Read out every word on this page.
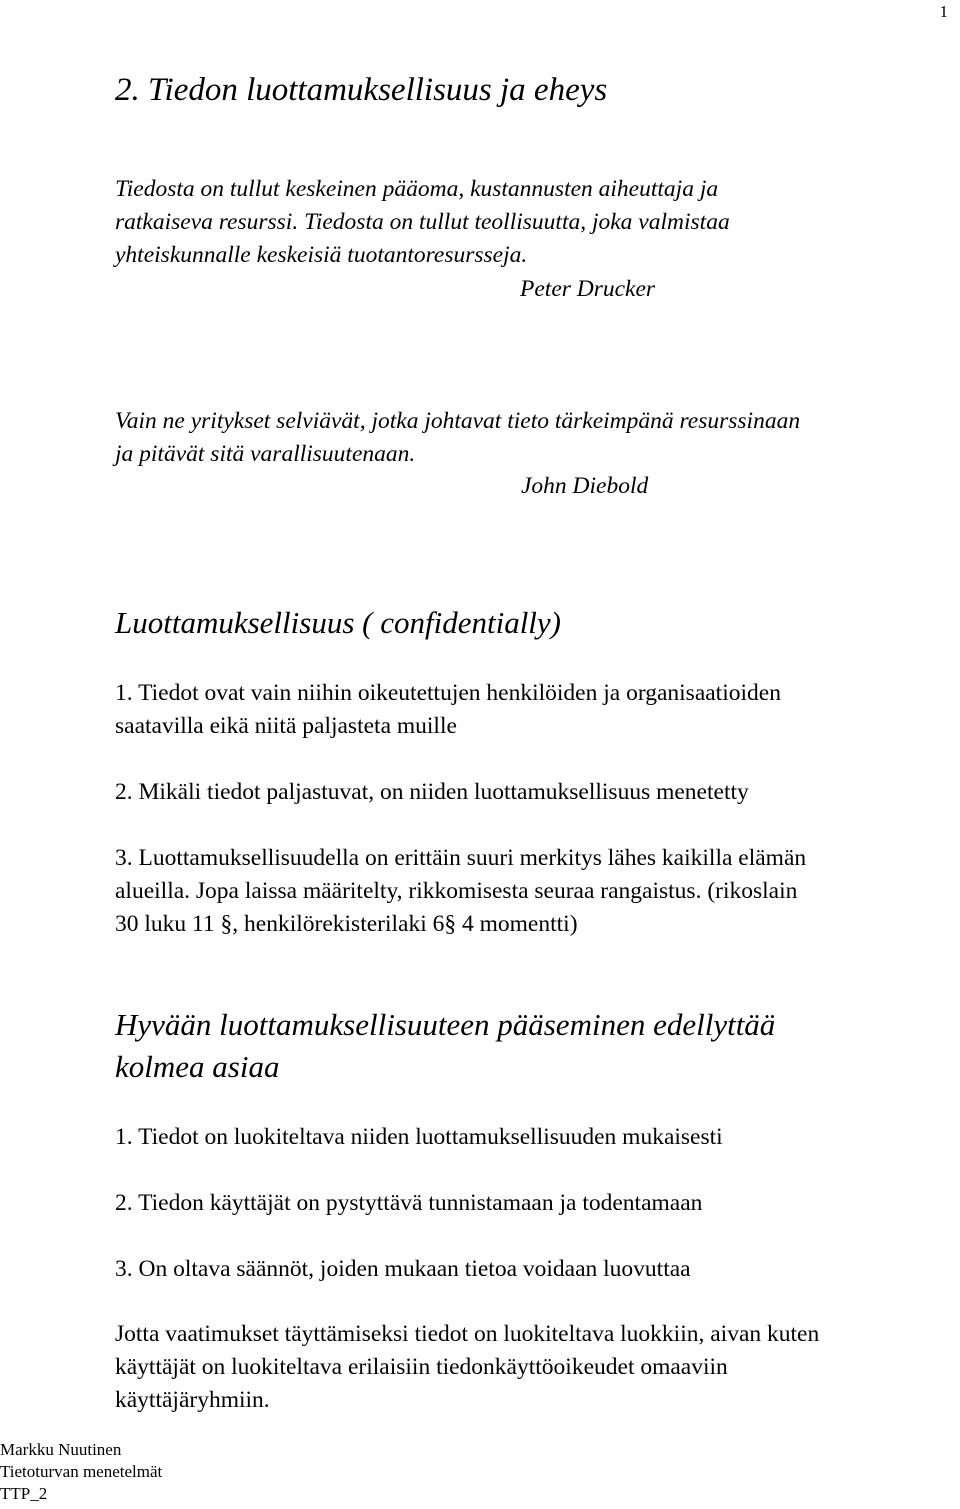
1
2. Tiedon luottamuksellisuus ja eheys
Tiedosta on tullut keskeinen pääoma, kustannusten aiheuttaja ja
ratkaiseva resurssi. Tiedosta on tullut teollisuutta, joka valmistaa
yhteiskunnalle keskeisiä tuotantoresursseja.
Peter Drucker
Vain ne yritykset selviävät, jotka johtavat tieto tärkeimpänä resurssinaan
ja pitävät sitä varallisuutenaan.
John Diebold
Luottamuksellisuus ( confidentially)
1. Tiedot ovat vain niihin oikeutettujen henkilöiden ja organisaatioiden
saatavilla eikä niitä paljasteta muille
2. Mikäli tiedot paljastuvat, on niiden luottamuksellisuus menetetty
3. Luottamuksellisuudella on erittäin suuri merkitys lähes kaikilla elämän
alueilla. Jopa laissa määritelty, rikkomisesta seuraa rangaistus. (rikoslain
30 luku 11 §, henkilörekisterilaki 6§ 4 momentti)
Hyvään luottamuksellisuuteen pääseminen edellyttää
kolmea asiaa
1. Tiedot on luokiteltava niiden luottamuksellisuuden mukaisesti
2. Tiedon käyttäjät on pystyttävä tunnistamaan ja todentamaan
3. On oltava säännöt, joiden mukaan tietoa voidaan luovuttaa
Jotta vaatimukset täyttämiseksi tiedot on luokiteltava luokkiin, aivan kuten
käyttäjät on luokiteltava erilaisiin tiedonkäyttöoikeudet omaaviin
käyttäjäryhmiin.
Markku Nuutinen
Tietoturvan menetelmät
TTP_2
